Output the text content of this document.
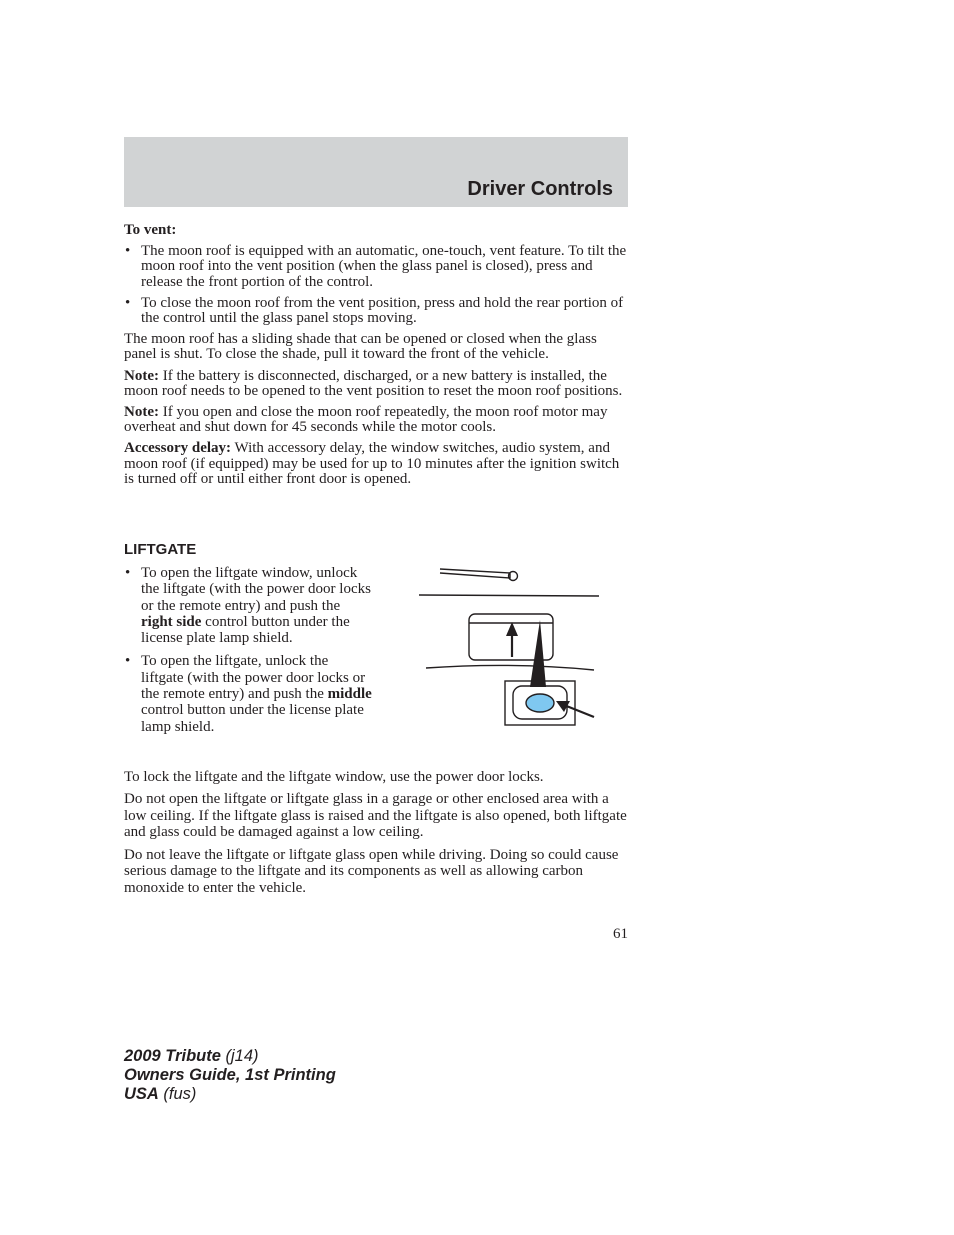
Driver Controls

To vent:

• The moon roof is equipped with an automatic, one-touch, vent feature. To tilt the moon roof into the vent position (when the glass panel is closed), press and release the front portion of the control.
• To close the moon roof from the vent position, press and hold the rear portion of the control until the glass panel stops moving.

The moon roof has a sliding shade that can be opened or closed when the glass panel is shut. To close the shade, pull it toward the front of the vehicle.

Note: If the battery is disconnected, discharged, or a new battery is installed, the moon roof needs to be opened to the vent position to reset the moon roof positions.

Note: If you open and close the moon roof repeatedly, the moon roof motor may overheat and shut down for 45 seconds while the motor cools.

Accessory delay: With accessory delay, the window switches, audio system, and moon roof (if equipped) may be used for up to 10 minutes after the ignition switch is turned off or until either front door is opened.

LIFTGATE
• To open the liftgate window, unlock the liftgate (with the power door locks or the remote entry) and push the right side control button under the license plate lamp shield.
• To open the liftgate, unlock the liftgate (with the power door locks or the remote entry) and push the middle control button under the license plate lamp shield.

To lock the liftgate and the liftgate window, use the power door locks.

Do not open the liftgate or liftgate glass in a garage or other enclosed area with a low ceiling. If the liftgate glass is raised and the liftgate is also opened, both liftgate and glass could be damaged against a low ceiling.

Do not leave the liftgate or liftgate glass open while driving. Doing so could cause serious damage to the liftgate and its components as well as allowing carbon monoxide to enter the vehicle.

61
2009 Tribute (j14)
Owners Guide, 1st Printing
USA (fus)
